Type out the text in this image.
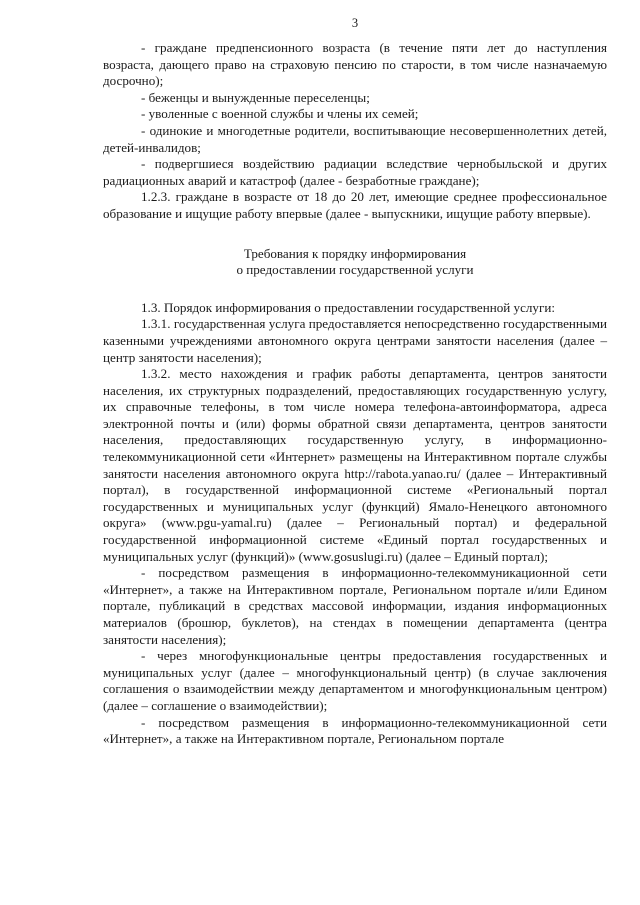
3

- граждане предпенсионного возраста (в течение пяти лет до наступления возраста, дающего право на страховую пенсию по старости, в том числе назначаемую досрочно);

- беженцы и вынужденные переселенцы;

- уволенные с военной службы и члены их семей;

- одинокие и многодетные родители, воспитывающие несовершеннолетних детей, детей-инвалидов;

- подвергшиеся воздействию радиации вследствие чернобыльской и других радиационных аварий и катастроф (далее - безработные граждане);

1.2.3. граждане в возрасте от 18 до 20 лет, имеющие среднее профессиональное образование и ищущие работу впервые (далее - выпускники, ищущие работу впервые).

Требования к порядку информирования
о предоставлении государственной услуги

1.3. Порядок информирования о предоставлении государственной услуги:

1.3.1. государственная услуга предоставляется непосредственно государственными казенными учреждениями автономного округа центрами занятости населения (далее – центр занятости населения);

1.3.2. место нахождения и график работы департамента, центров занятости населения, их структурных подразделений, предоставляющих государственную услугу, их справочные телефоны, в том числе номера телефона-автоинформатора, адреса электронной почты и (или) формы обратной связи департамента, центров занятости населения, предоставляющих государственную услугу, в информационно-телекоммуникационной сети «Интернет» размещены на Интерактивном портале службы занятости населения автономного округа http://rabota.yanao.ru/ (далее – Интерактивный портал), в государственной информационной системе «Региональный портал государственных и муниципальных услуг (функций) Ямало-Ненецкого автономного округа» (www.pgu-yamal.ru) (далее – Региональный портал) и федеральной государственной информационной системе «Единый портал государственных и муниципальных услуг (функций)» (www.gosuslugi.ru) (далее – Единый портал);

- посредством размещения в информационно-телекоммуникационной сети «Интернет», а также на Интерактивном портале, Региональном портале и/или Едином портале, публикаций в средствах массовой информации, издания информационных материалов (брошюр, буклетов), на стендах в помещении департамента (центра занятости населения);

- через многофункциональные центры предоставления государственных и муниципальных услуг (далее – многофункциональный центр) (в случае заключения соглашения о взаимодействии между департаментом и многофункциональным центром) (далее – соглашение о взаимодействии);

- посредством размещения в информационно-телекоммуникационной сети «Интернет», а также на Интерактивном портале, Региональном портале
